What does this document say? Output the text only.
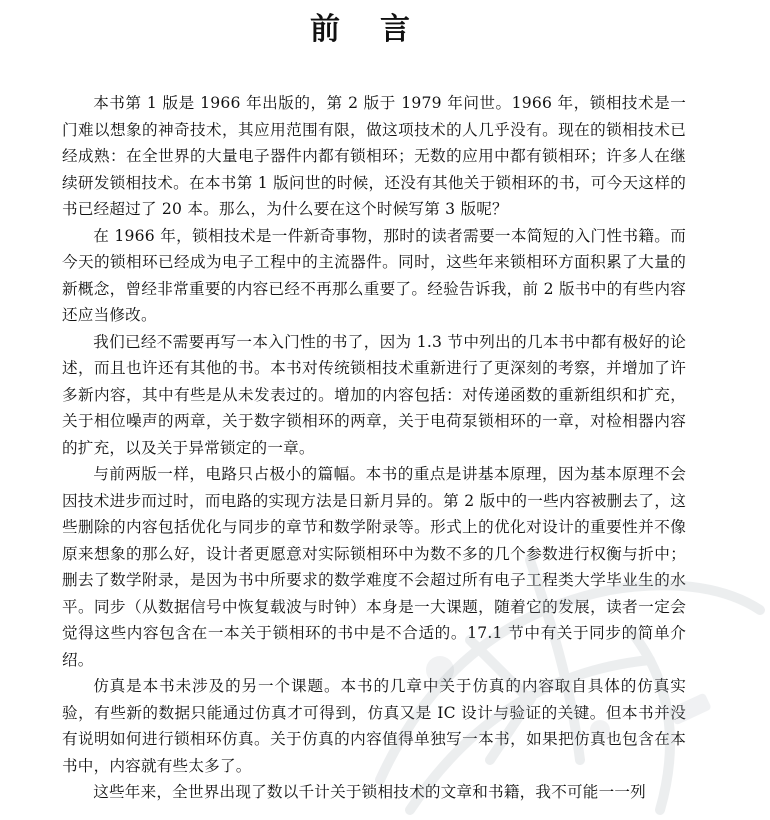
前言

本书第 1 版是 1966 年出版的，第 2 版于 1979 年问世。1966 年，锁相技术是一门难以想象的神奇技术，其应用范围有限，做这项技术的人几乎没有。现在的锁相技术已经成熟：在全世界的大量电子器件内都有锁相环；无数的应用中都有锁相环；许多人在继续研发锁相技术。在本书第 1 版问世的时候，还没有其他关于锁相环的书，可今天这样的书已经超过了 20 本。那么，为什么要在这个时候写第 3 版呢？

在 1966 年，锁相技术是一件新奇事物，那时的读者需要一本简短的入门性书籍。而今天的锁相环已经成为电子工程中的主流器件。同时，这些年来锁相环方面积累了大量的新概念，曾经非常重要的内容已经不再那么重要了。经验告诉我，前 2 版书中的有些内容还应当修改。

我们已经不需要再写一本入门性的书了，因为 1.3 节中列出的几本书中都有极好的论述，而且也许还有其他的书。本书对传统锁相技术重新进行了更深刻的考察，并增加了许多新内容，其中有些是从未发表过的。增加的内容包括：对传递函数的重新组织和扩充，关于相位噪声的两章，关于数字锁相环的两章，关于电荷泵锁相环的一章，对检相器内容的扩充，以及关于异常锁定的一章。

与前两版一样，电路只占极小的篇幅。本书的重点是讲基本原理，因为基本原理不会因技术进步而过时，而电路的实现方法是日新月异的。第 2 版中的一些内容被删去了，这些删除的内容包括优化与同步的章节和数学附录等。形式上的优化对设计的重要性并不像原来想象的那么好，设计者更愿意对实际锁相环中为数不多的几个参数进行权衡与折中；删去了数学附录，是因为书中所要求的数学难度不会超过所有电子工程类大学毕业生的水平。同步（从数据信号中恢复载波与时钟）本身是一大课题，随着它的发展，读者一定会觉得这些内容包含在一本关于锁相环的书中是不合适的。17.1 节中有关于同步的简单介绍。

仿真是本书未涉及的另一个课题。本书的几章中关于仿真的内容取自具体的仿真实验，有些新的数据只能通过仿真才可得到，仿真又是 IC 设计与验证的关键。但本书并没有说明如何进行锁相环仿真。关于仿真的内容值得单独写一本书，如果把仿真也包含在本书中，内容就有些太多了。

这些年来，全世界出现了数以千计关于锁相技术的文章和书籍，我不可能一一列
